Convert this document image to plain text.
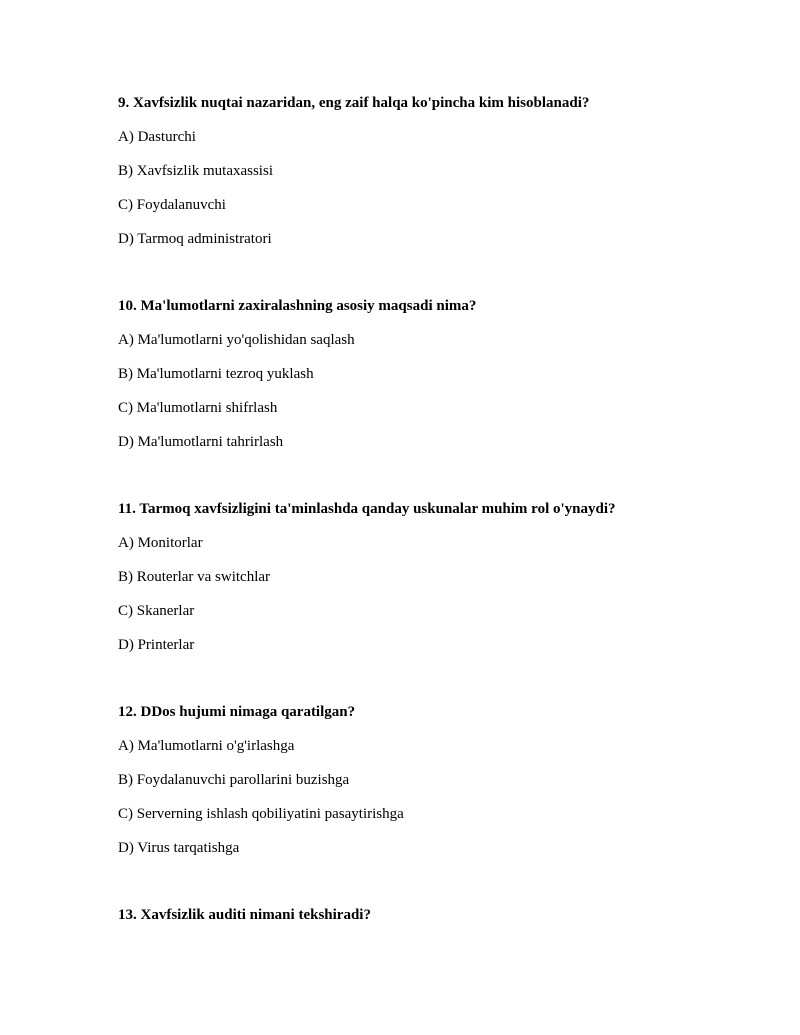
9. Xavfsizlik nuqtai nazaridan, eng zaif halqa ko'pincha kim hisoblanadi?

A) Dasturchi
B) Xavfsizlik mutaxassisi
C) Foydalanuvchi
D) Tarmoq administratori

10. Ma'lumotlarni zaxiralashning asosiy maqsadi nima?

A) Ma'lumotlarni yo'qolishidan saqlash
B) Ma'lumotlarni tezroq yuklash
C) Ma'lumotlarni shifrlash
D) Ma'lumotlarni tahrirlash

11. Tarmoq xavfsizligini ta'minlashda qanday uskunalar muhim rol o'ynaydi?

A) Monitorlar
B) Routerlar va switchlar
C) Skanerlar
D) Printerlar

12. DDos hujumi nimaga qaratilgan?

A) Ma'lumotlarni o'g'irlashga
B) Foydalanuvchi parollarini buzishga
C) Serverning ishlash qobiliyatini pasaytirishga
D) Virus tarqatishga

13. Xavfsizlik auditi nimani tekshiradi?
